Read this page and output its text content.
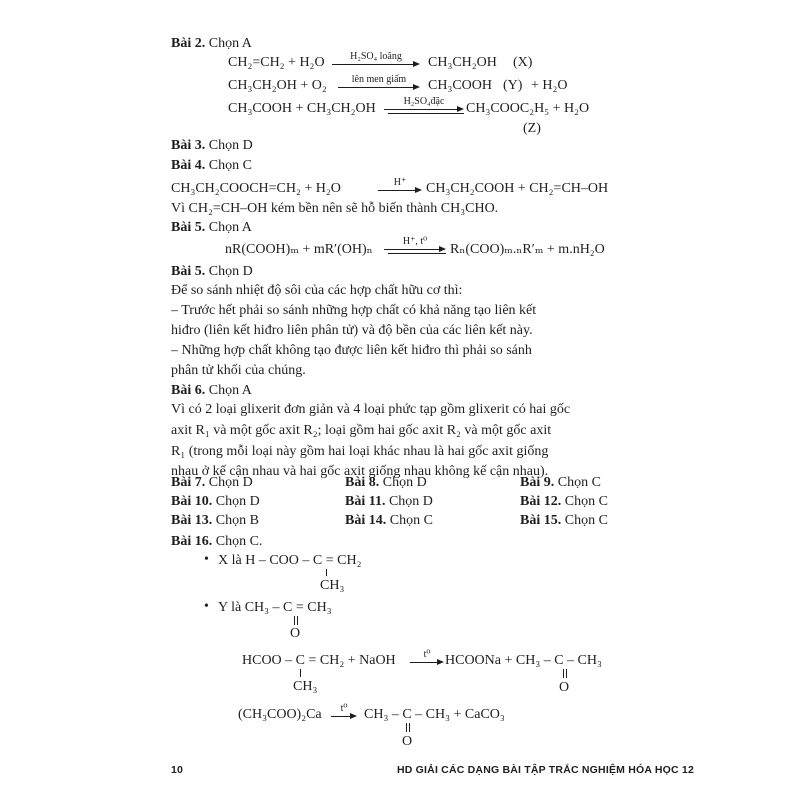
Bài 2. Chọn A
CH₂=CH₂ + H₂O	H₂SO₄ loãng	CH₃CH₂OH (X)
CH₃CH₂OH + O₂	lên men giấm	CH₃COOH (Y) + H₂O
CH₃COOH + CH₃CH₂OH	H₂SO₄đặc	CH₃COOC₂H₅ + H₂O
(Z)
Bài 3. Chọn D
Bài 4. Chọn C
CH₃CH₂COOCH=CH₂ + H₂O	H⁺	CH₃CH₂COOH + CH₂=CH–OH
Vì CH₂=CH–OH kém bền nên sẽ hỗ biến thành CH₃CHO.
Bài 5. Chọn A
nR(COOH)ₘ + mR′(OH)ₙ
H⁺, t⁰
Rₙ(COO)ₘ.ₙR′ₘ + m.nH₂O
Bài 5. Chọn D
Để so sánh nhiệt độ sôi của các hợp chất hữu cơ thì:
– Trước hết phải so sánh những hợp chất có khả năng tạo liên kết
hiđro (liên kết hiđro liên phân tử) và độ bền của các liên kết này.
– Những hợp chất không tạo được liên kết hiđro thì phải so sánh
phân tử khối của chúng.
Bài 6. Chọn A
Vì có 2 loại glixerit đơn giản và 4 loại phức tạp gồm glixerit có hai gốc
axit R₁ và một gốc axit R₂; loại gồm hai gốc axit R₂ và một gốc axit
R₁ (trong mỗi loại này gồm hai loại khác nhau là hai gốc axit giống
nhau ở kế cận nhau và hai gốc axit giống nhau không kế cận nhau).
Bài 7. Chọn D	Bài 8. Chọn D	Bài 9. Chọn C
Bài 10. Chọn D	Bài 11. Chọn D	Bài 12. Chọn C
Bài 13. Chọn B	Bài 14. Chọn C	Bài 15. Chọn C
Bài 16. Chọn C.
• X là H – COO – C = CH₂
CH₃
• Y là CH₃ – C = CH₃
O
HCOO – C = CH₂ + NaOH	t⁰	HCOONa + CH₃ – C – CH₃
CH₃	O
(CH₃COO)₂Ca	t⁰	CH₃ – C – CH₃ + CaCO₃
O
10	HD GIẢI CÁC DẠNG BÀI TẬP TRẮC NGHIỆM HÓA HỌC 12
